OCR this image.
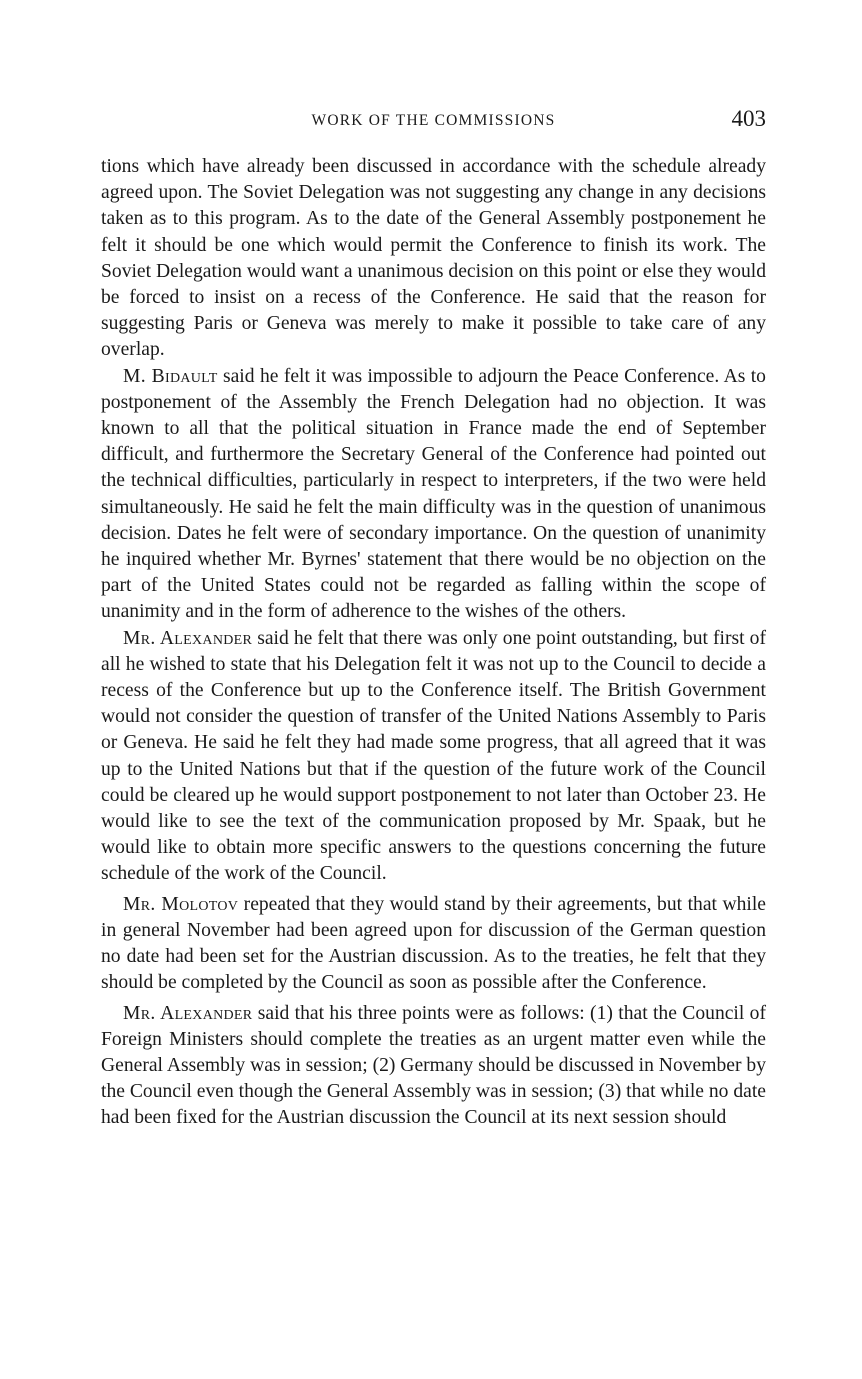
WORK OF THE COMMISSIONS	403

tions which have already been discussed in accordance with the schedule already agreed upon. The Soviet Delegation was not suggesting any change in any decisions taken as to this program. As to the date of the General Assembly postponement he felt it should be one which would permit the Conference to finish its work. The Soviet Delegation would want a unanimous decision on this point or else they would be forced to insist on a recess of the Conference. He said that the reason for suggesting Paris or Geneva was merely to make it possible to take care of any overlap.

M. Bidault said he felt it was impossible to adjourn the Peace Conference. As to postponement of the Assembly the French Delegation had no objection. It was known to all that the political situation in France made the end of September difficult, and furthermore the Secretary General of the Conference had pointed out the technical difficulties, particularly in respect to interpreters, if the two were held simultaneously. He said he felt the main difficulty was in the question of unanimous decision. Dates he felt were of secondary importance. On the question of unanimity he inquired whether Mr. Byrnes' statement that there would be no objection on the part of the United States could not be regarded as falling within the scope of unanimity and in the form of adherence to the wishes of the others.

Mr. Alexander said he felt that there was only one point outstanding, but first of all he wished to state that his Delegation felt it was not up to the Council to decide a recess of the Conference but up to the Conference itself. The British Government would not consider the question of transfer of the United Nations Assembly to Paris or Geneva. He said he felt they had made some progress, that all agreed that it was up to the United Nations but that if the question of the future work of the Council could be cleared up he would support postponement to not later than October 23. He would like to see the text of the communication proposed by Mr. Spaak, but he would like to obtain more specific answers to the questions concerning the future schedule of the work of the Council.

Mr. Molotov repeated that they would stand by their agreements, but that while in general November had been agreed upon for discussion of the German question no date had been set for the Austrian discussion. As to the treaties, he felt that they should be completed by the Council as soon as possible after the Conference.

Mr. Alexander said that his three points were as follows: (1) that the Council of Foreign Ministers should complete the treaties as an urgent matter even while the General Assembly was in session; (2) Germany should be discussed in November by the Council even though the General Assembly was in session; (3) that while no date had been fixed for the Austrian discussion the Council at its next session should
